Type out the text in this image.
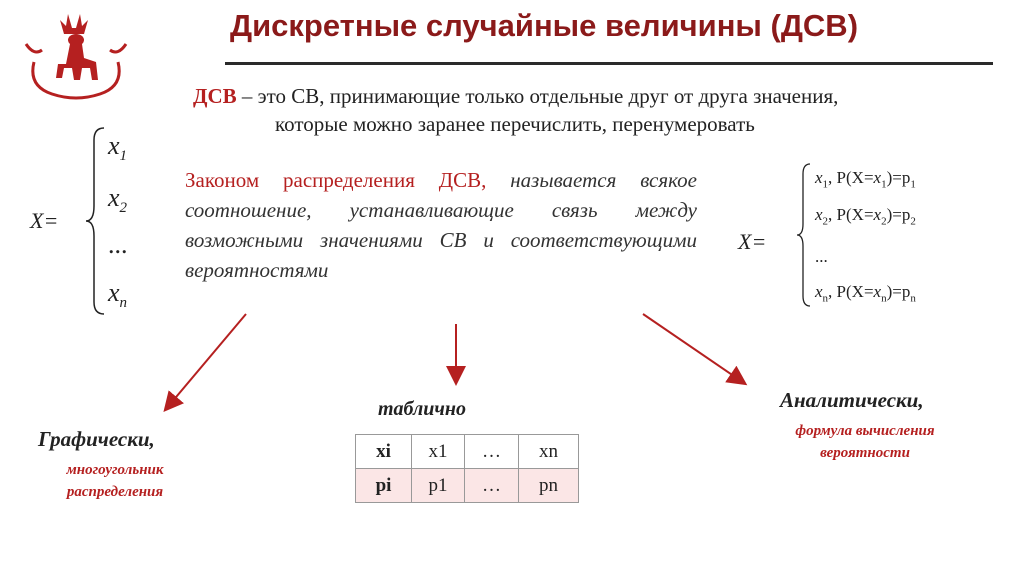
Дискретные случайные величины (ДСВ)
ДСВ – это СВ, принимающие только отдельные друг от друга значения,
которые можно заранее перечислить, перенумеровать
X=
$x_1$
$x_2$
...
$x_n$
Законом распределения ДСВ, называется всякое соотношение, устанавливающие связь между возможными значениями СВ и соответствующими вероятностями
X=
$x_1$, $P(X=x_1)=p_1$
$x_2$, $P(X=x_2)=p_2$
...
$x_n$, $P(X=x_n)=p_n$
Графически,
многоугольник распределения
таблично
xi	x1	…	xn
pi	p1	…	pn
Аналитически,
формула вычисления вероятности
